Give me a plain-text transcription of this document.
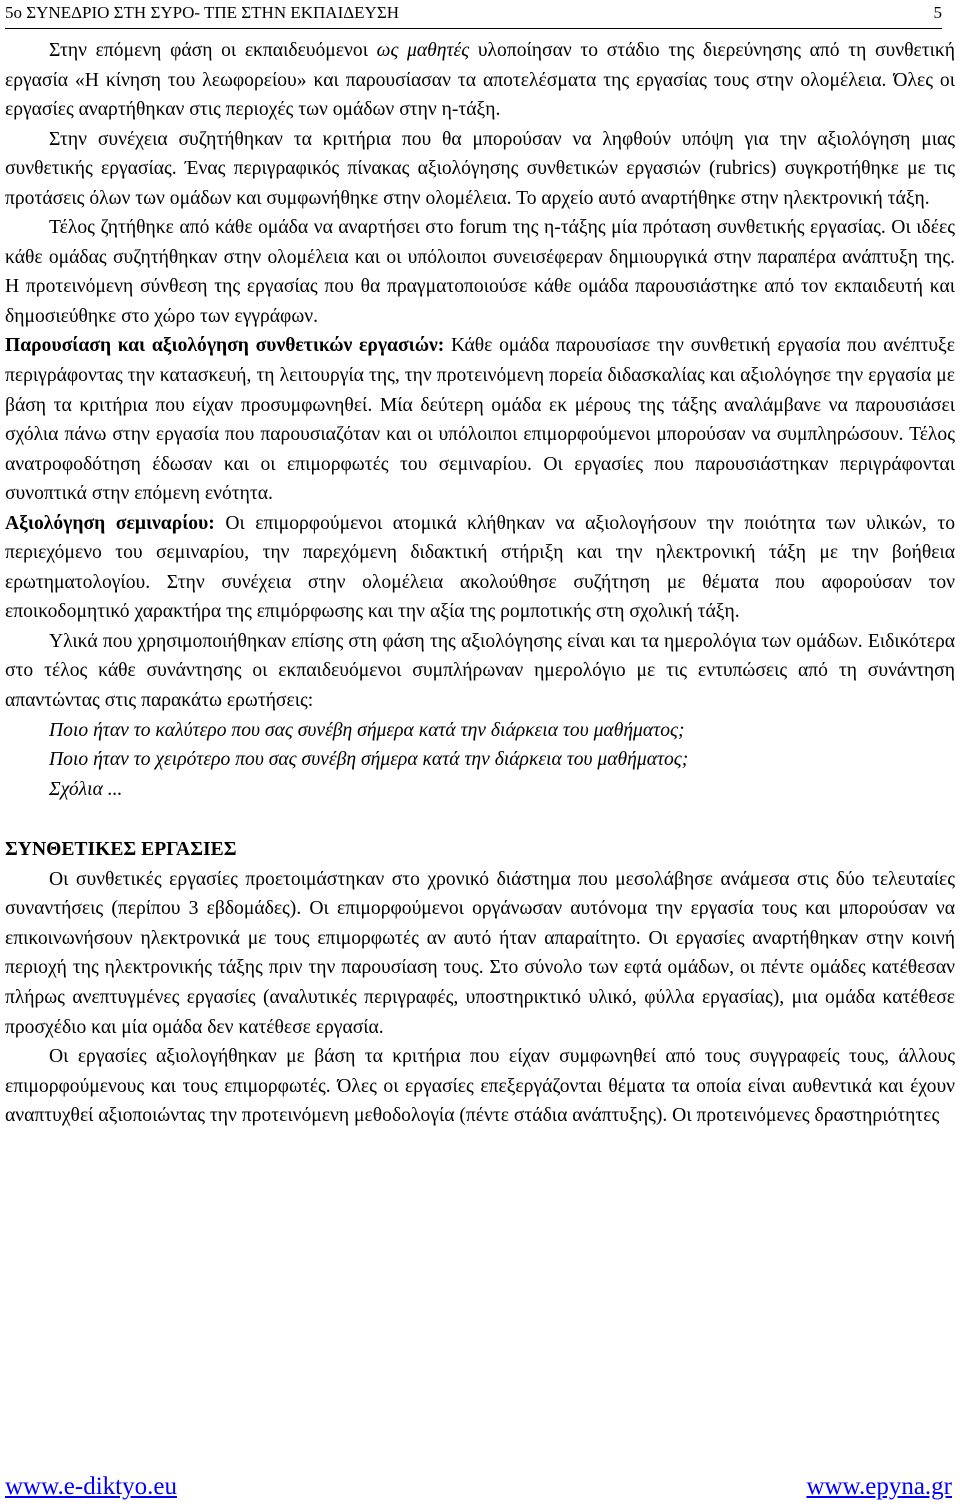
5ο ΣΥΝΕΔΡΙΟ ΣΤΗ ΣΥΡΟ- ΤΠΕ ΣΤΗΝ ΕΚΠΑΙΔΕΥΣΗ	5

Στην επόμενη φάση οι εκπαιδευόμενοι ως μαθητές υλοποίησαν το στάδιο της διερεύνησης από τη συνθετική εργασία «Η κίνηση του λεωφορείου» και παρουσίασαν τα αποτελέσματα της εργασίας τους στην ολομέλεια. Όλες οι εργασίες αναρτήθηκαν στις περιοχές των ομάδων στην η-τάξη.

Στην συνέχεια συζητήθηκαν τα κριτήρια που θα μπορούσαν να ληφθούν υπόψη για την αξιολόγηση μιας συνθετικής εργασίας. Ένας περιγραφικός πίνακας αξιολόγησης συνθετικών εργασιών (rubrics) συγκροτήθηκε με τις προτάσεις όλων των ομάδων και συμφωνήθηκε στην ολομέλεια. Το αρχείο αυτό αναρτήθηκε στην ηλεκτρονική τάξη.

Τέλος ζητήθηκε από κάθε ομάδα να αναρτήσει στο forum της η-τάξης μία πρόταση συνθετικής εργασίας. Οι ιδέες κάθε ομάδας συζητήθηκαν στην ολομέλεια και οι υπόλοιποι συνεισέφεραν δημιουργικά στην παραπέρα ανάπτυξη της. Η προτεινόμενη σύνθεση της εργασίας που θα πραγματοποιούσε κάθε ομάδα παρουσιάστηκε από τον εκπαιδευτή και δημοσιεύθηκε στο χώρο των εγγράφων.

Παρουσίαση και αξιολόγηση συνθετικών εργασιών: Κάθε ομάδα παρουσίασε την συνθετική εργασία που ανέπτυξε περιγράφοντας την κατασκευή, τη λειτουργία της, την προτεινόμενη πορεία διδασκαλίας και αξιολόγησε την εργασία με βάση τα κριτήρια που είχαν προσυμφωνηθεί. Μία δεύτερη ομάδα εκ μέρους της τάξης αναλάμβανε να παρουσιάσει σχόλια πάνω στην εργασία που παρουσιαζόταν και οι υπόλοιποι επιμορφούμενοι μπορούσαν να συμπληρώσουν. Τέλος ανατροφοδότηση έδωσαν και οι επιμορφωτές του σεμιναρίου. Οι εργασίες που παρουσιάστηκαν περιγράφονται συνοπτικά στην επόμενη ενότητα.

Αξιολόγηση σεμιναρίου: Οι επιμορφούμενοι ατομικά κλήθηκαν να αξιολογήσουν την ποιότητα των υλικών, το περιεχόμενο του σεμιναρίου, την παρεχόμενη διδακτική στήριξη και την ηλεκτρονική τάξη με την βοήθεια ερωτηματολογίου. Στην συνέχεια στην ολομέλεια ακολούθησε συζήτηση με θέματα που αφορούσαν τον εποικοδομητικό χαρακτήρα της επιμόρφωσης και την αξία της ρομποτικής στη σχολική τάξη.

Υλικά που χρησιμοποιήθηκαν επίσης στη φάση της αξιολόγησης είναι και τα ημερολόγια των ομάδων. Ειδικότερα στο τέλος κάθε συνάντησης οι εκπαιδευόμενοι συμπλήρωναν ημερολόγιο με τις εντυπώσεις από τη συνάντηση απαντώντας στις παρακάτω ερωτήσεις:

Ποιο ήταν το καλύτερο που σας συνέβη σήμερα κατά την διάρκεια του μαθήματος;

Ποιο ήταν το χειρότερο που σας συνέβη σήμερα κατά την διάρκεια του μαθήματος;

Σχόλια ...

ΣΥΝΘΕΤΙΚΕΣ ΕΡΓΑΣΙΕΣ

Οι συνθετικές εργασίες προετοιμάστηκαν στο χρονικό διάστημα που μεσολάβησε ανάμεσα στις δύο τελευταίες συναντήσεις (περίπου 3 εβδομάδες). Οι επιμορφούμενοι οργάνωσαν αυτόνομα την εργασία τους και μπορούσαν να επικοινωνήσουν ηλεκτρονικά με τους επιμορφωτές αν αυτό ήταν απαραίτητο. Οι εργασίες αναρτήθηκαν στην κοινή περιοχή της ηλεκτρονικής τάξης πριν την παρουσίαση τους. Στο σύνολο των εφτά ομάδων, οι πέντε ομάδες κατέθεσαν πλήρως ανεπτυγμένες εργασίες (αναλυτικές περιγραφές, υποστηρικτικό υλικό, φύλλα εργασίας), μια ομάδα κατέθεσε προσχέδιο και μία ομάδα δεν κατέθεσε εργασία.

Οι εργασίες αξιολογήθηκαν με βάση τα κριτήρια που είχαν συμφωνηθεί από τους συγγραφείς τους, άλλους επιμορφούμενους και τους επιμορφωτές. Όλες οι εργασίες επεξεργάζονται θέματα τα οποία είναι αυθεντικά και έχουν αναπτυχθεί αξιοποιώντας την προτεινόμενη μεθοδολογία (πέντε στάδια ανάπτυξης). Οι προτεινόμενες δραστηριότητες

www.e-diktyo.eu	www.epyna.gr
